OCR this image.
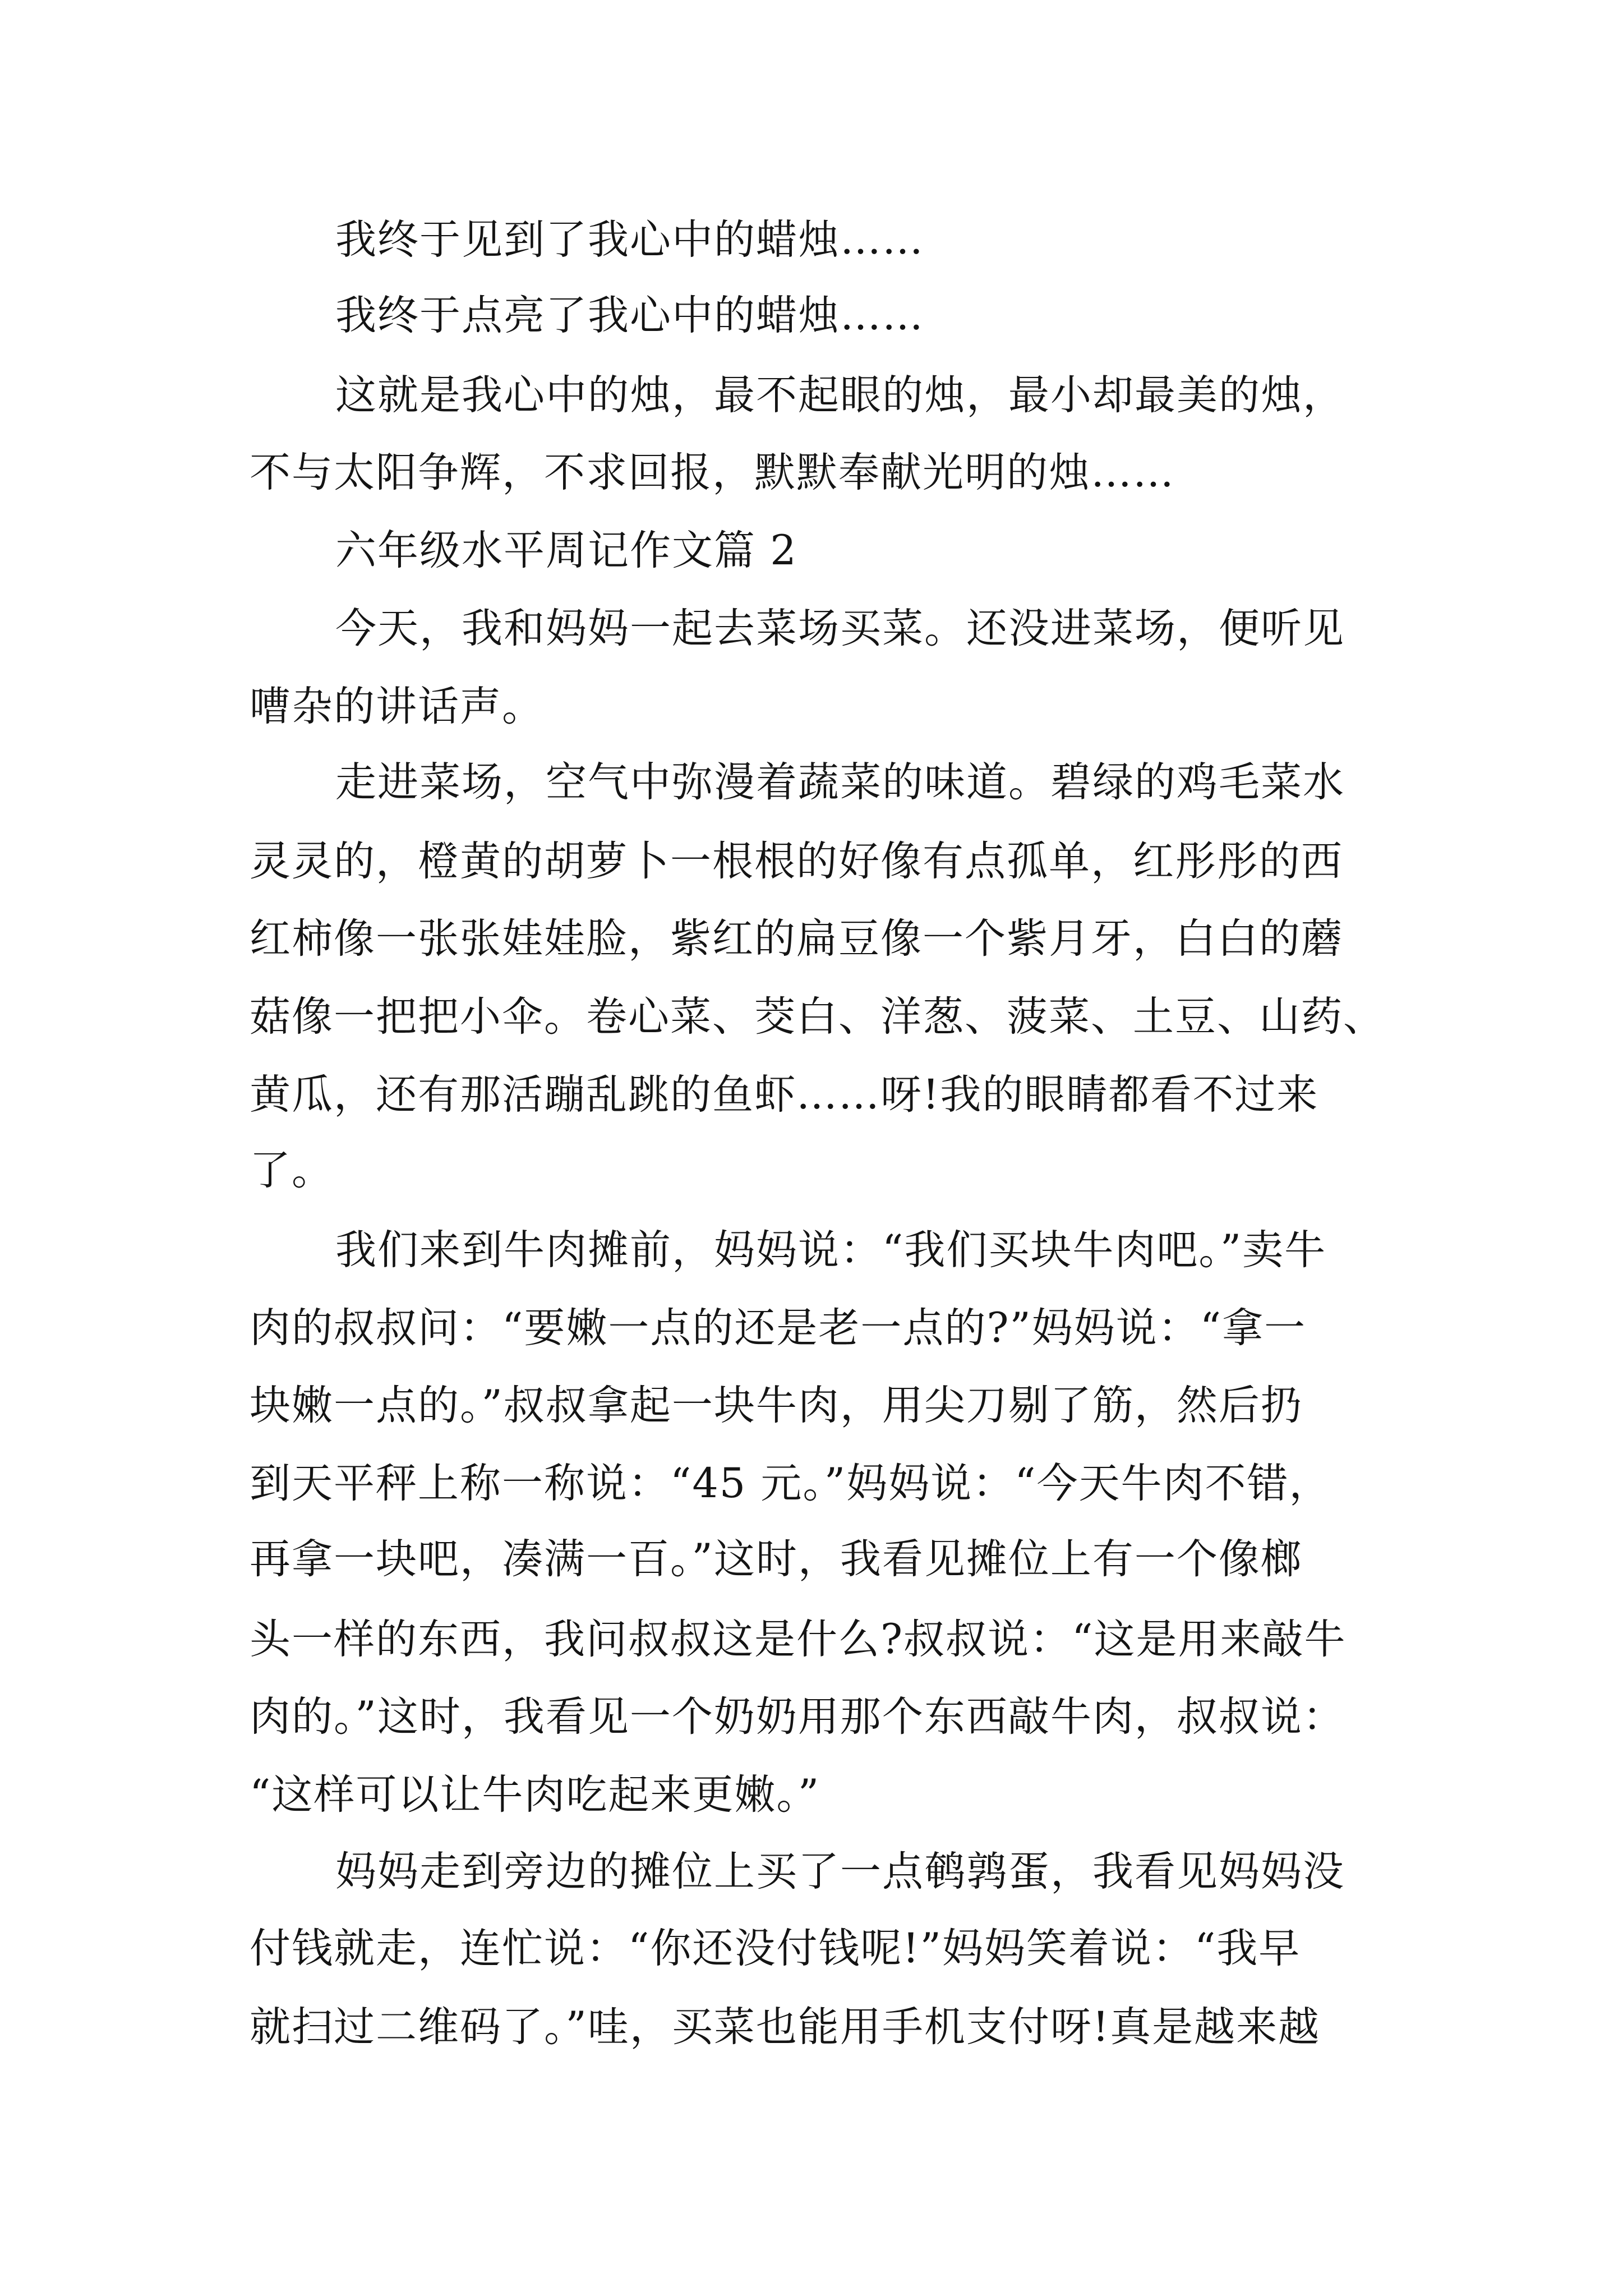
我终于见到了我心中的蜡烛……
我终于点亮了我心中的蜡烛……
这就是我心中的烛，最不起眼的烛，最小却最美的烛，
不与太阳争辉，不求回报，默默奉献光明的烛……
六年级水平周记作文篇 2
今天，我和妈妈一起去菜场买菜。还没进菜场，便听见
嘈杂的讲话声。
走进菜场，空气中弥漫着蔬菜的味道。碧绿的鸡毛菜水
灵灵的，橙黄的胡萝卜一根根的好像有点孤单，红彤彤的西
红柿像一张张娃娃脸，紫红的扁豆像一个紫月牙，白白的蘑
菇像一把把小伞。卷心菜、茭白、洋葱、菠菜、土豆、山药、
黄瓜，还有那活蹦乱跳的鱼虾……呀!我的眼睛都看不过来
了。
我们来到牛肉摊前，妈妈说：“我们买块牛肉吧。”卖牛
肉的叔叔问：“要嫩一点的还是老一点的?”妈妈说：“拿一
块嫩一点的。”叔叔拿起一块牛肉，用尖刀剔了筋，然后扔
到天平秤上称一称说：“45 元。”妈妈说：“今天牛肉不错，
再拿一块吧，凑满一百。”这时，我看见摊位上有一个像榔
头一样的东西，我问叔叔这是什么?叔叔说：“这是用来敲牛
肉的。”这时，我看见一个奶奶用那个东西敲牛肉，叔叔说：
“这样可以让牛肉吃起来更嫩。”
妈妈走到旁边的摊位上买了一点鹌鹑蛋，我看见妈妈没
付钱就走，连忙说：“你还没付钱呢!”妈妈笑着说：“我早
就扫过二维码了。”哇，买菜也能用手机支付呀!真是越来越
